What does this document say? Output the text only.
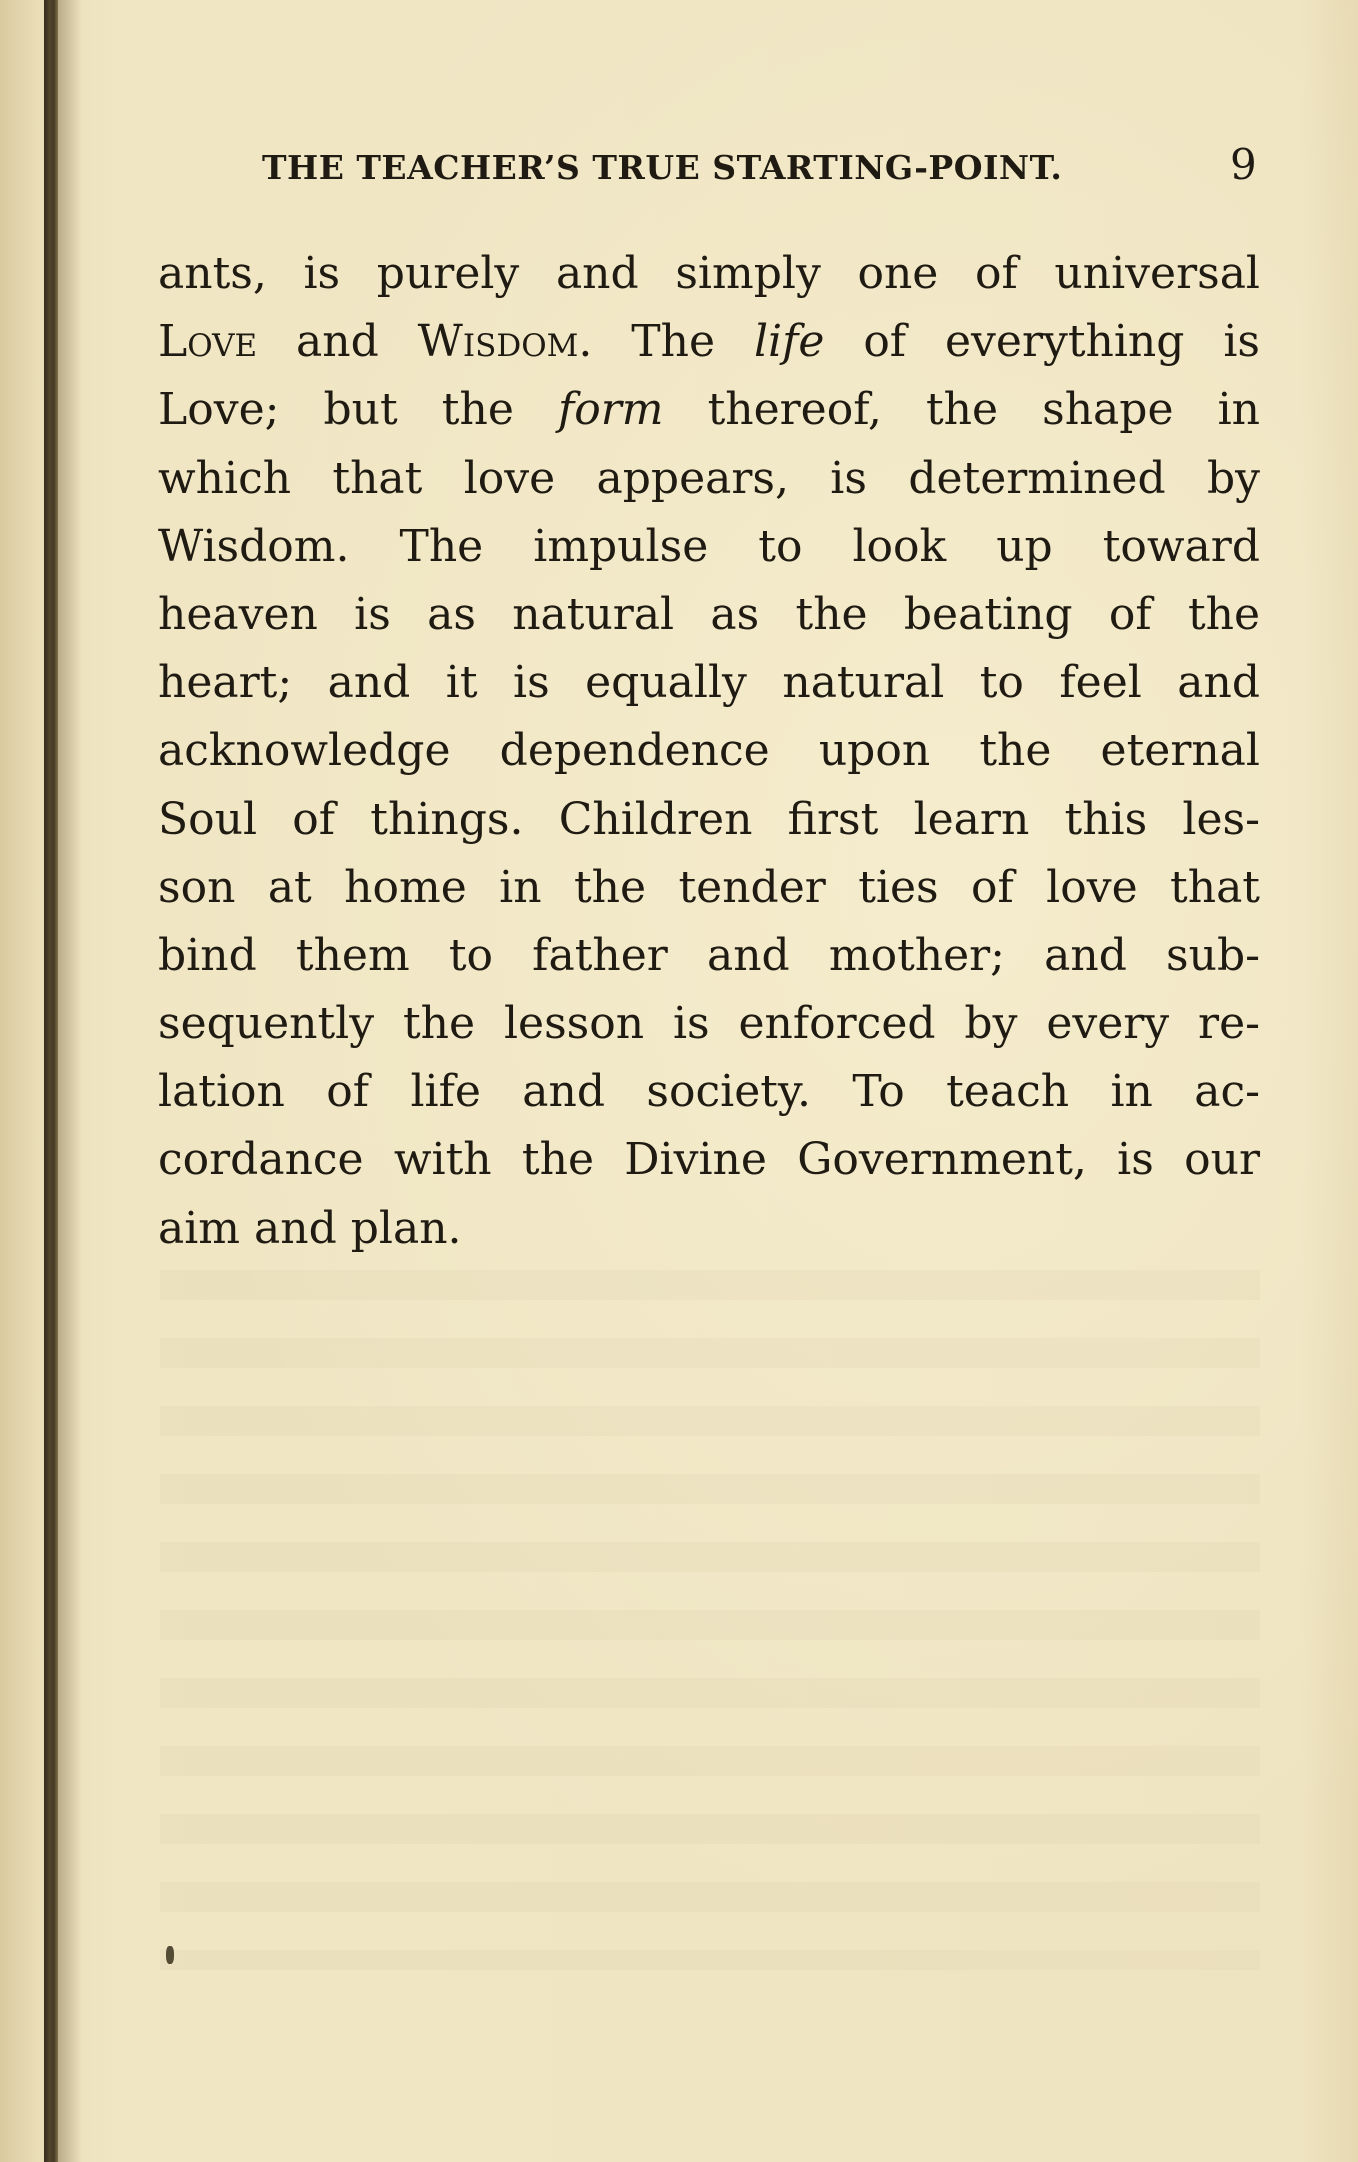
THE TEACHER’S TRUE STARTING-POINT.	9
ants, is purely and simply one of universal
Love and Wisdom. The life of everything is
Love; but the form thereof, the shape in
which that love appears, is determined by
Wisdom. The impulse to look up toward
heaven is as natural as the beating of the
heart; and it is equally natural to feel and
acknowledge dependence upon the eternal
Soul of things. Children first learn this les-
son at home in the tender ties of love that
bind them to father and mother; and sub-
sequently the lesson is enforced by every re-
lation of life and society. To teach in ac-
cordance with the Divine Government, is our
aim and plan.
